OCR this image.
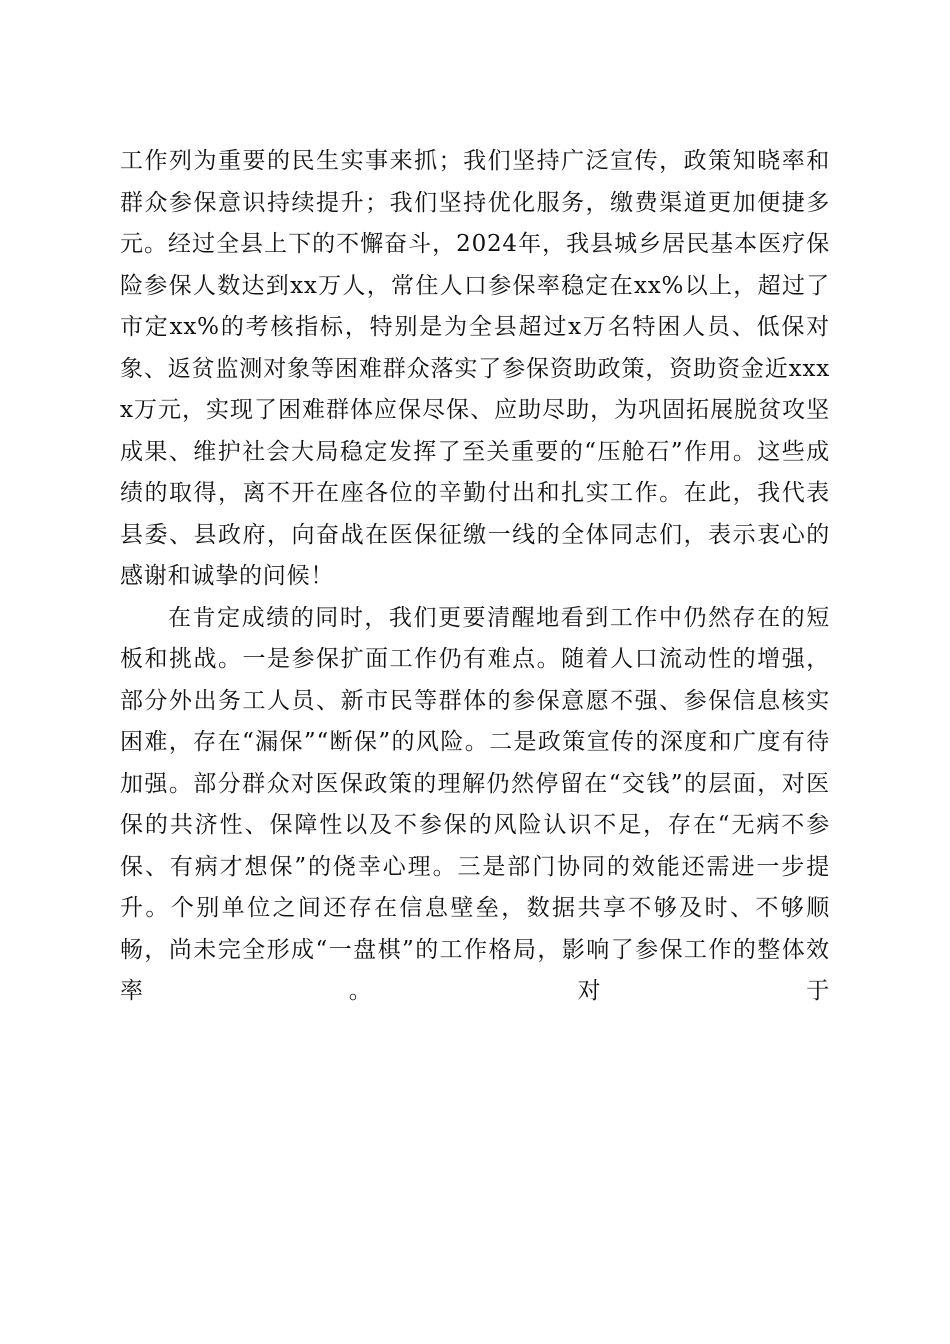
工作列为重要的民生实事来抓；我们坚持广泛宣传，政策知晓率和群众参保意识持续提升；我们坚持优化服务，缴费渠道更加便捷多元。经过全县上下的不懈奋斗，2024年，我县城乡居民基本医疗保险参保人数达到xx万人，常住人口参保率稳定在xx%以上，超过了市定xx%的考核指标，特别是为全县超过x万名特困人员、低保对象、返贫监测对象等困难群众落实了参保资助政策，资助资金近xxxx万元，实现了困难群体应保尽保、应助尽助，为巩固拓展脱贫攻坚成果、维护社会大局稳定发挥了至关重要的“压舱石”作用。这些成绩的取得，离不开在座各位的辛勤付出和扎实工作。在此，我代表县委、县政府，向奋战在医保征缴一线的全体同志们，表示衷心的感谢和诚挚的问候！

在肯定成绩的同时，我们更要清醒地看到工作中仍然存在的短板和挑战。一是参保扩面工作仍有难点。随着人口流动性的增强，部分外出务工人员、新市民等群体的参保意愿不强、参保信息核实困难，存在“漏保”“断保”的风险。二是政策宣传的深度和广度有待加强。部分群众对医保政策的理解仍然停留在“交钱”的层面，对医保的共济性、保障性以及不参保的风险认识不足，存在“无病不参保、有病才想保”的侥幸心理。三是部门协同的效能还需进一步提升。个别单位之间还存在信息壁垒，数据共享不够及时、不够顺畅，尚未完全形成“一盘棋”的工作格局，影响了参保工作的整体效率。对于
